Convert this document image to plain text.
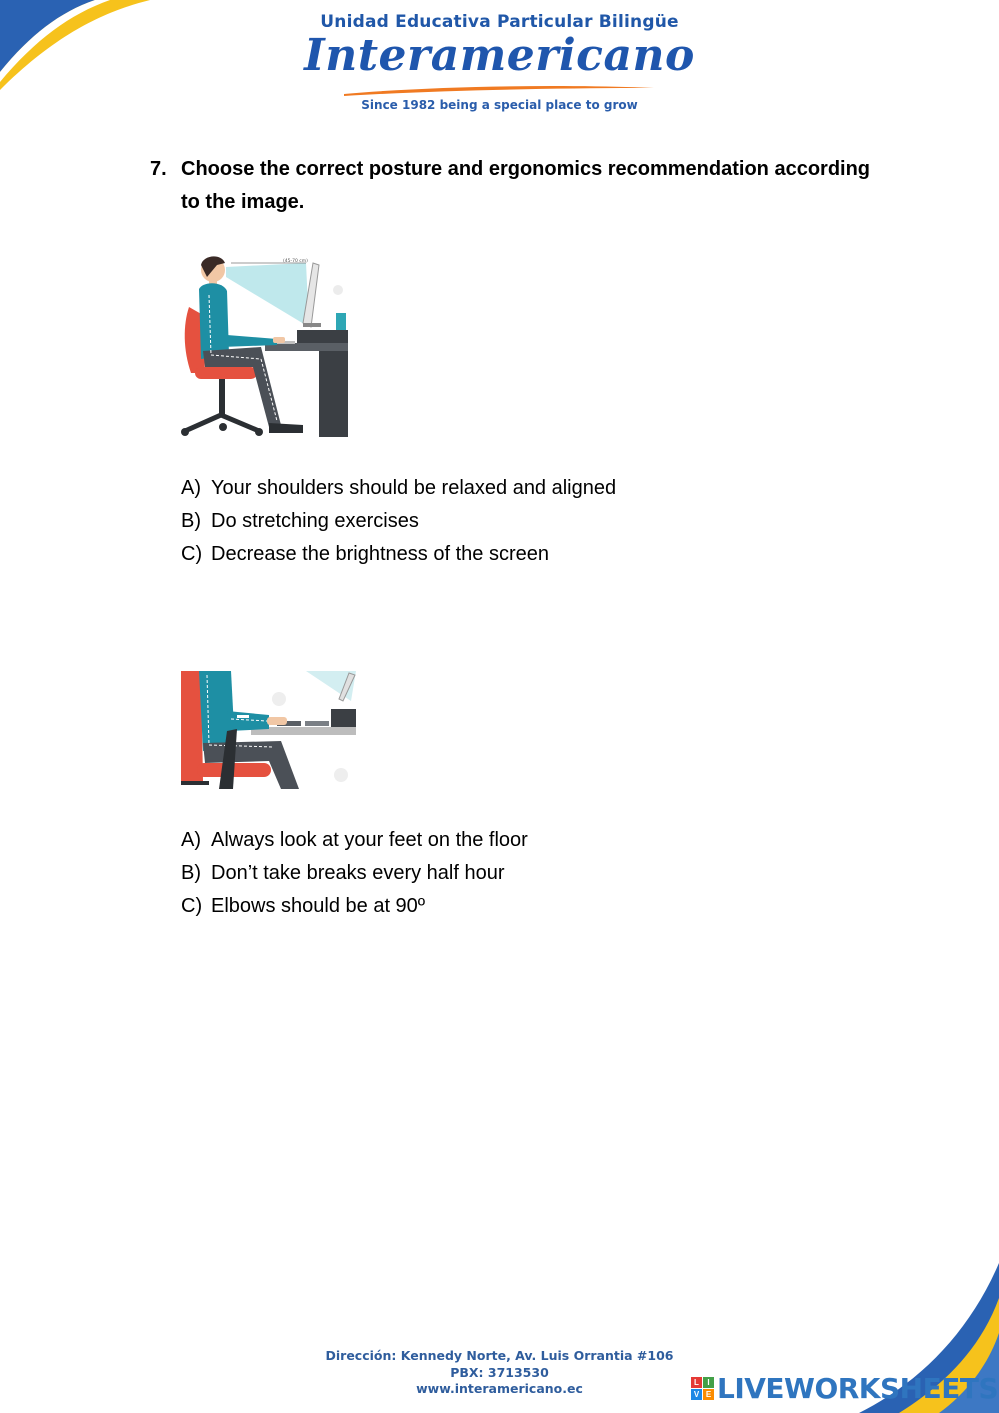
Unidad Educativa Particular Bilingüe
Interamericano
Since 1982 being a special place to grow
7. Choose the correct posture and ergonomics recommendation according to the image.
(45-70 cm)
A) Your shoulders should be relaxed and aligned
B) Do stretching exercises
C) Decrease the brightness of the screen
A) Always look at your feet on the floor
B) Don’t take breaks every half hour
C) Elbows should be at 90º
Dirección: Kennedy Norte, Av. Luis Orrantia #106
PBX: 3713530
www.interamericano.ec	L	I
V E LIVEWORKSHEETS
